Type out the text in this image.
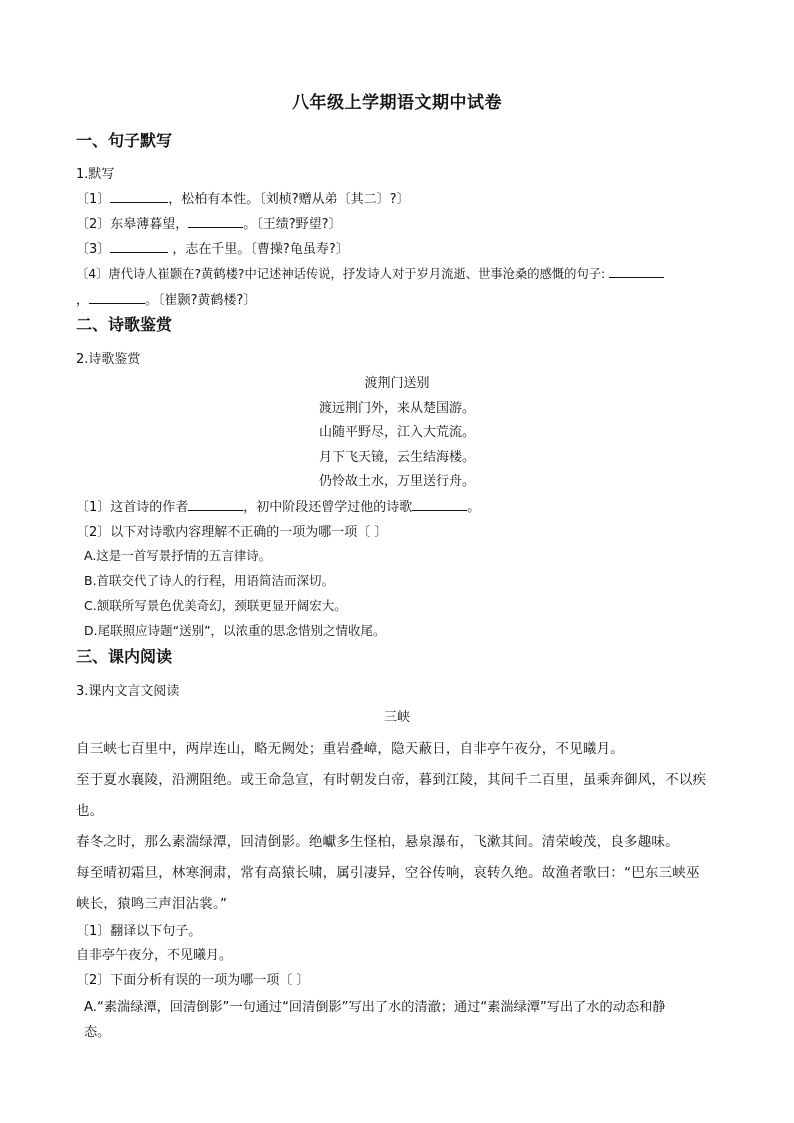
八年级上学期语文期中试卷
一、句子默写
1.默写
〔1〕	，松柏有本性。〔刘桢?赠从弟〔其二〕?〕
〔2〕东皋薄暮望，	。〔王绩?野望?〕
〔3〕	，志在千里。〔曹操?龟虽寿?〕
〔4〕唐代诗人崔颢在?黄鹤楼?中记述神话传说，抒发诗人对于岁月流逝、世事沧桑的感慨的句子:
，	。〔崔颢?黄鹤楼?〕
二、诗歌鉴赏
2.诗歌鉴赏
渡荆门送别
渡远荆门外，来从楚国游。
山随平野尽，江入大荒流。
月下飞天镜，云生结海楼。
仍怜故土水，万里送行舟。
〔1〕这首诗的作者	，初中阶段还曾学过他的诗歌	。
〔2〕以下对诗歌内容理解不正确的一项为哪一项〔 〕
A.这是一首写景抒情的五言律诗。
B.首联交代了诗人的行程，用语简洁而深切。
C.颔联所写景色优美奇幻，颈联更显开阔宏大。
D.尾联照应诗题“送别”，以浓重的思念惜别之情收尾。
三、课内阅读
3.课内文言文阅读
三峡
自三峡七百里中，两岸连山，略无阙处；重岩叠嶂，隐天蔽日，自非亭午夜分，不见曦月。
至于夏水襄陵，沿溯阻绝。或王命急宣，有时朝发白帝，暮到江陵，其间千二百里，虽乘奔御风，不以疾
也。
春冬之时，那么素湍绿潭，回清倒影。绝巘多生怪柏，悬泉瀑布，飞漱其间。清荣峻茂，良多趣味。
每至晴初霜旦，林寒涧肃，常有高猿长啸，属引凄异，空谷传响，哀转久绝。故渔者歌曰：“巴东三峡巫
峡长，猿鸣三声泪沾裳。”
〔1〕翻译以下句子。
自非亭午夜分，不见曦月。
〔2〕下面分析有误的一项为哪一项〔 〕
A.“素湍绿潭，回清倒影”一句通过“回清倒影”写出了水的清澈；通过“素湍绿潭”写出了水的动态和静
态。
